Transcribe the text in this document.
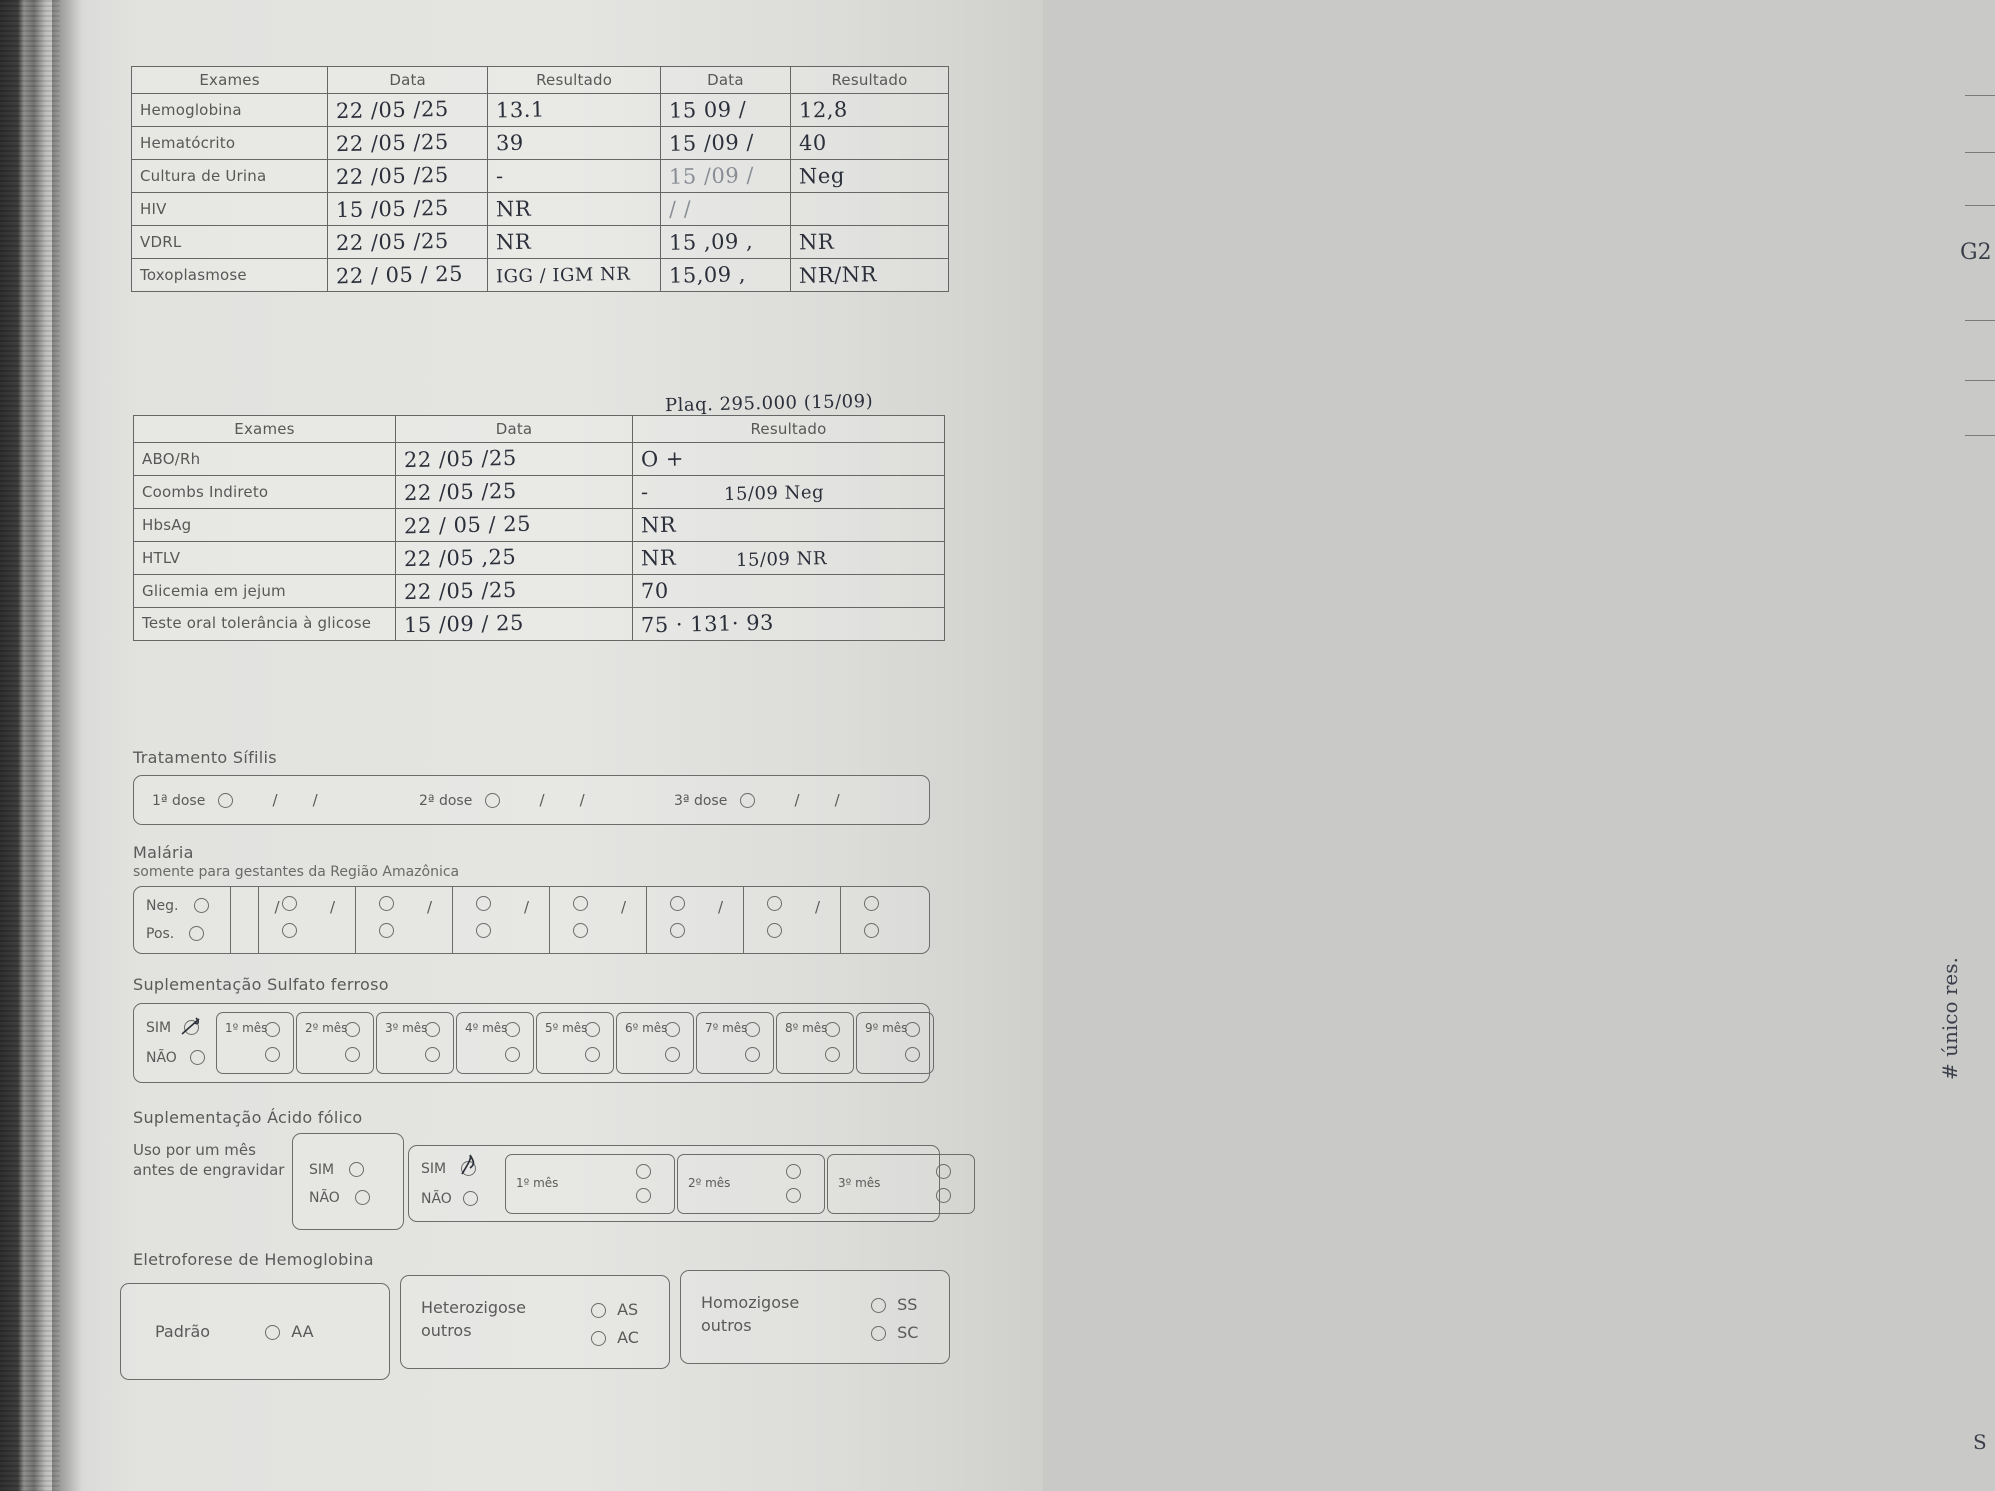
Exames	Data	Resultado	Data	Resultado
Hemoglobina	22 /05 /25	13.1	15 09 /	12,8
Hematócrito	22 /05 /25	39	15 /09 /	40
Cultura de Urina	22 /05 /25	-	15 /09 /	Neg
HIV	15 /05 /25	NR	/ /	
VDRL	22 /05 /25	NR	15 ,09 ,	NR
Toxoplasmose	22 / 05 / 25	IGG / IGM NR	15,09 ,	NR/NR
Plaq. 295.000 (15/09)
Exames	Data	Resultado
ABO/Rh	22 /05 /25	O +
Coombs Indireto	22 /05 /25	- 15/09 Neg
HbsAg	22 / 05 / 25	NR
HTLV	22 /05 ,25	NR 15/09 NR
Glicemia em jejum	22 /05 /25	70
Teste oral tolerância à glicose	15 /09 / 25	75 · 131· 93
Tratamento Sífilis
1ª dose	/ /	2ª dose	/ /	3ª dose	/ /
Malária
somente para gestantes da Região Amazônica
Neg.
Pos.
/	/	/	/	/	/	/

Suplementação Sulfato ferroso
SIM
NÃO
1º mês	2º mês	3º mês	4º mês	5º mês	6º mês	7º mês	8º mês	9º mês
Suplementação Ácido fólico
Uso por um mês antes de engravidar	SIM
NÃO
SIM
NÃO
1º mês	2º mês	3º mês
Eletroforese de Hemoglobina
Padrão	AA
Heterozigose
outros
AS
AC
Homozigose
outros
SS
SC
G2
# único res.
S
